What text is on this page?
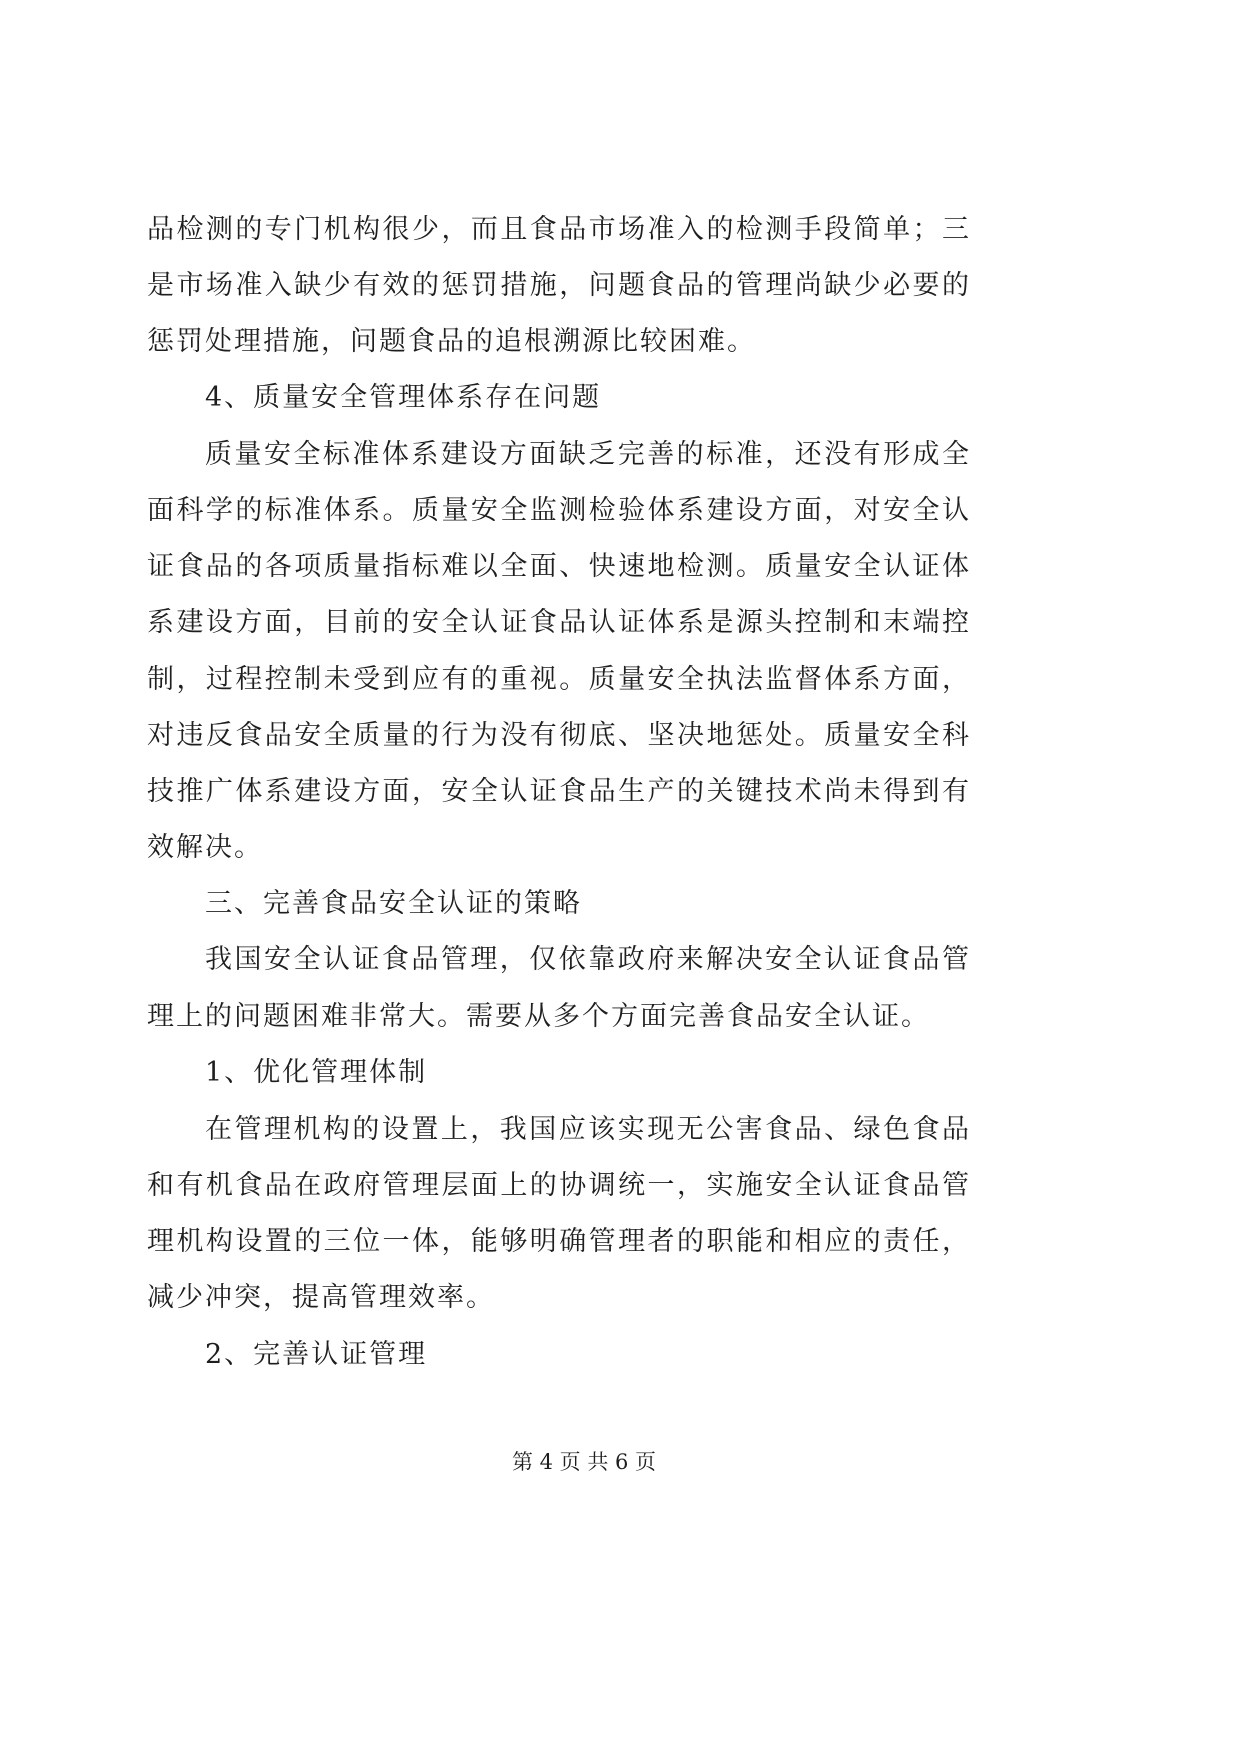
品检测的专门机构很少，而且食品市场准入的检测手段简单；三
是市场准入缺少有效的惩罚措施，问题食品的管理尚缺少必要的
惩罚处理措施，问题食品的追根溯源比较困难。
4、质量安全管理体系存在问题
质量安全标准体系建设方面缺乏完善的标准，还没有形成全
面科学的标准体系。质量安全监测检验体系建设方面，对安全认
证食品的各项质量指标难以全面、快速地检测。质量安全认证体
系建设方面，目前的安全认证食品认证体系是源头控制和末端控
制，过程控制未受到应有的重视。质量安全执法监督体系方面，
对违反食品安全质量的行为没有彻底、坚决地惩处。质量安全科
技推广体系建设方面，安全认证食品生产的关键技术尚未得到有
效解决。
三、完善食品安全认证的策略
我国安全认证食品管理，仅依靠政府来解决安全认证食品管
理上的问题困难非常大。需要从多个方面完善食品安全认证。
1、优化管理体制
在管理机构的设置上，我国应该实现无公害食品、绿色食品
和有机食品在政府管理层面上的协调统一，实施安全认证食品管
理机构设置的三位一体，能够明确管理者的职能和相应的责任，
减少冲突，提高管理效率。
2、完善认证管理
第 4 页 共 6 页
